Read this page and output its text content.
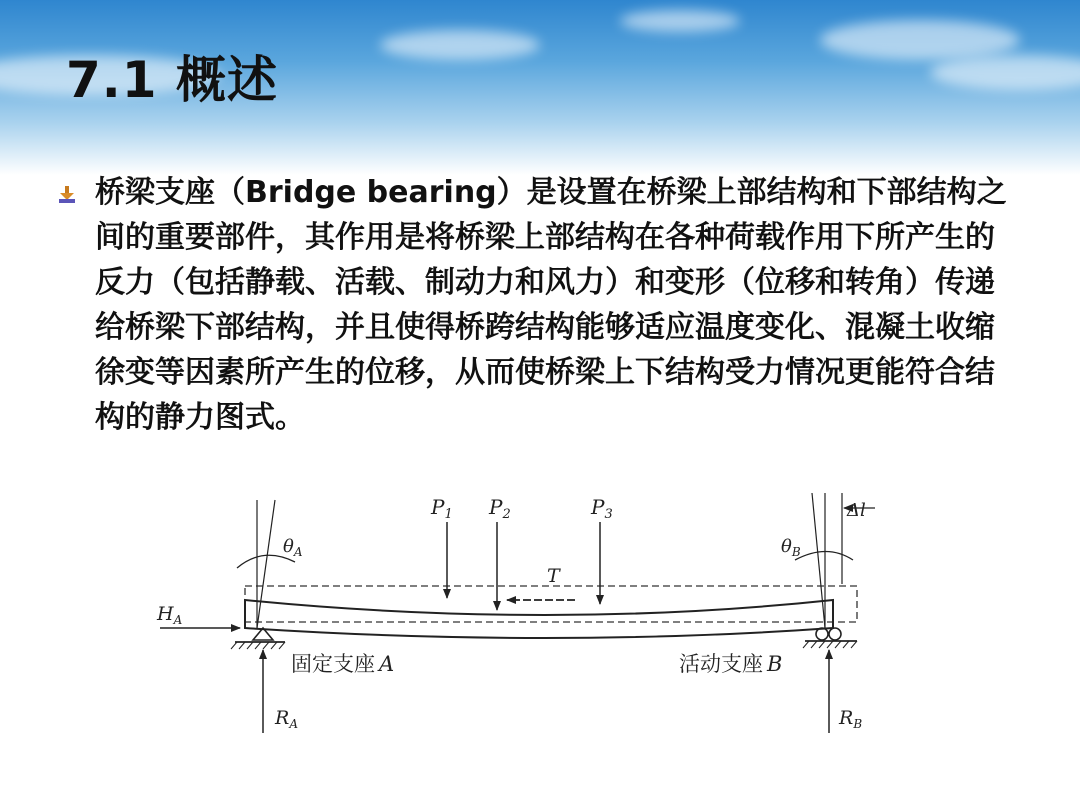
7.1 概述

桥梁支座（Bridge bearing）是设置在桥梁上部结构和下部结构之间的重要部件，其作用是将桥梁上部结构在各种荷载作用下所产生的反力（包括静载、活载、制动力和风力）和变形（位移和转角）传递给桥梁下部结构，并且使得桥跨结构能够适应温度变化、混凝土收缩徐变等因素所产生的位移，从而使桥梁上下结构受力情况更能符合结构的静力图式。

$P_1$ $P_2$	$P_3$
T
$\theta_A$	$\theta_B$
Δl
$H_A$
$R_A$	$R_B$
固定支座 A	活动支座 B
